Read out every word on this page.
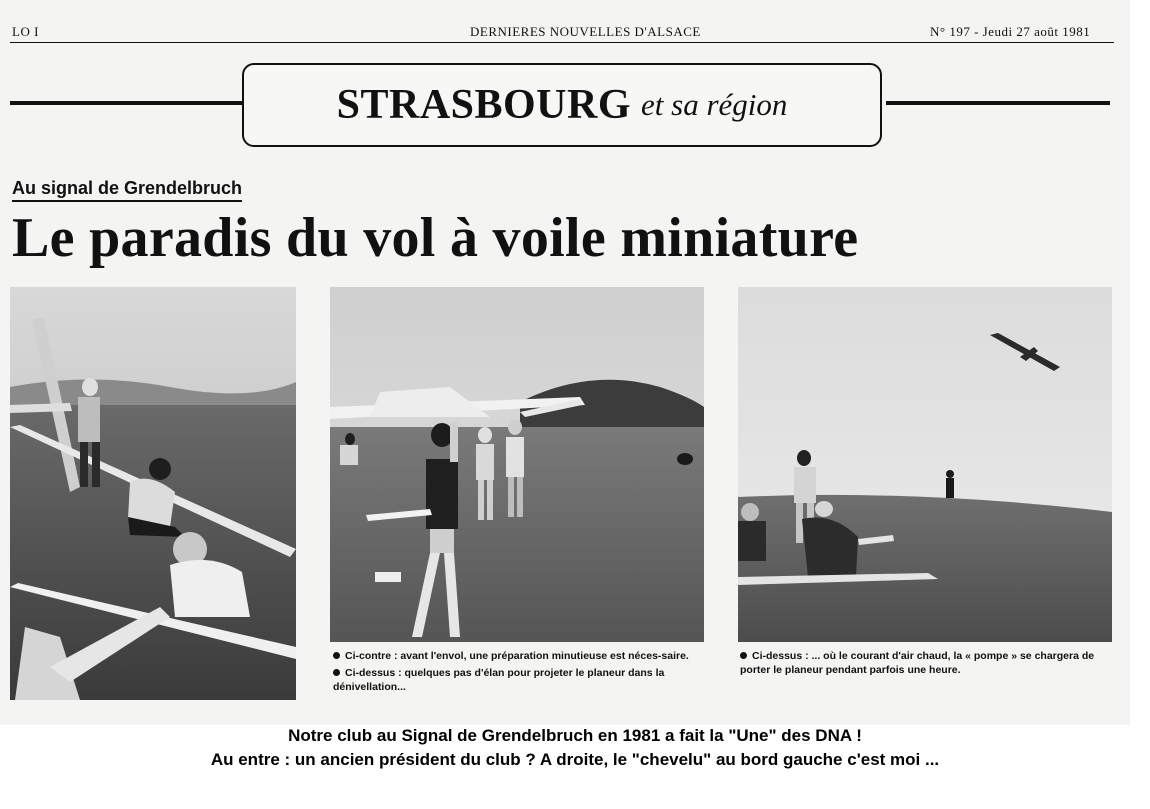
LO I	DERNIERES NOUVELLES D'ALSACE	N° 197 - Jeudi 27 août 1981
STRASBOURG et sa région
Au signal de Grendelbruch
Le paradis du vol à voile miniature

Ci-contre : avant l'envol, une préparation minutieuse est néces-saire.

Ci-dessus : quelques pas d'élan pour projeter le planeur dans la dénivellation...

Ci-dessus : ... où le courant d'air chaud, la « pompe » se chargera de porter le planeur pendant parfois une heure.

Notre club au Signal de Grendelbruch en 1981 a fait la "Une" des DNA !
Au entre : un ancien président du club ? A droite, le "chevelu" au bord gauche c'est moi ...
